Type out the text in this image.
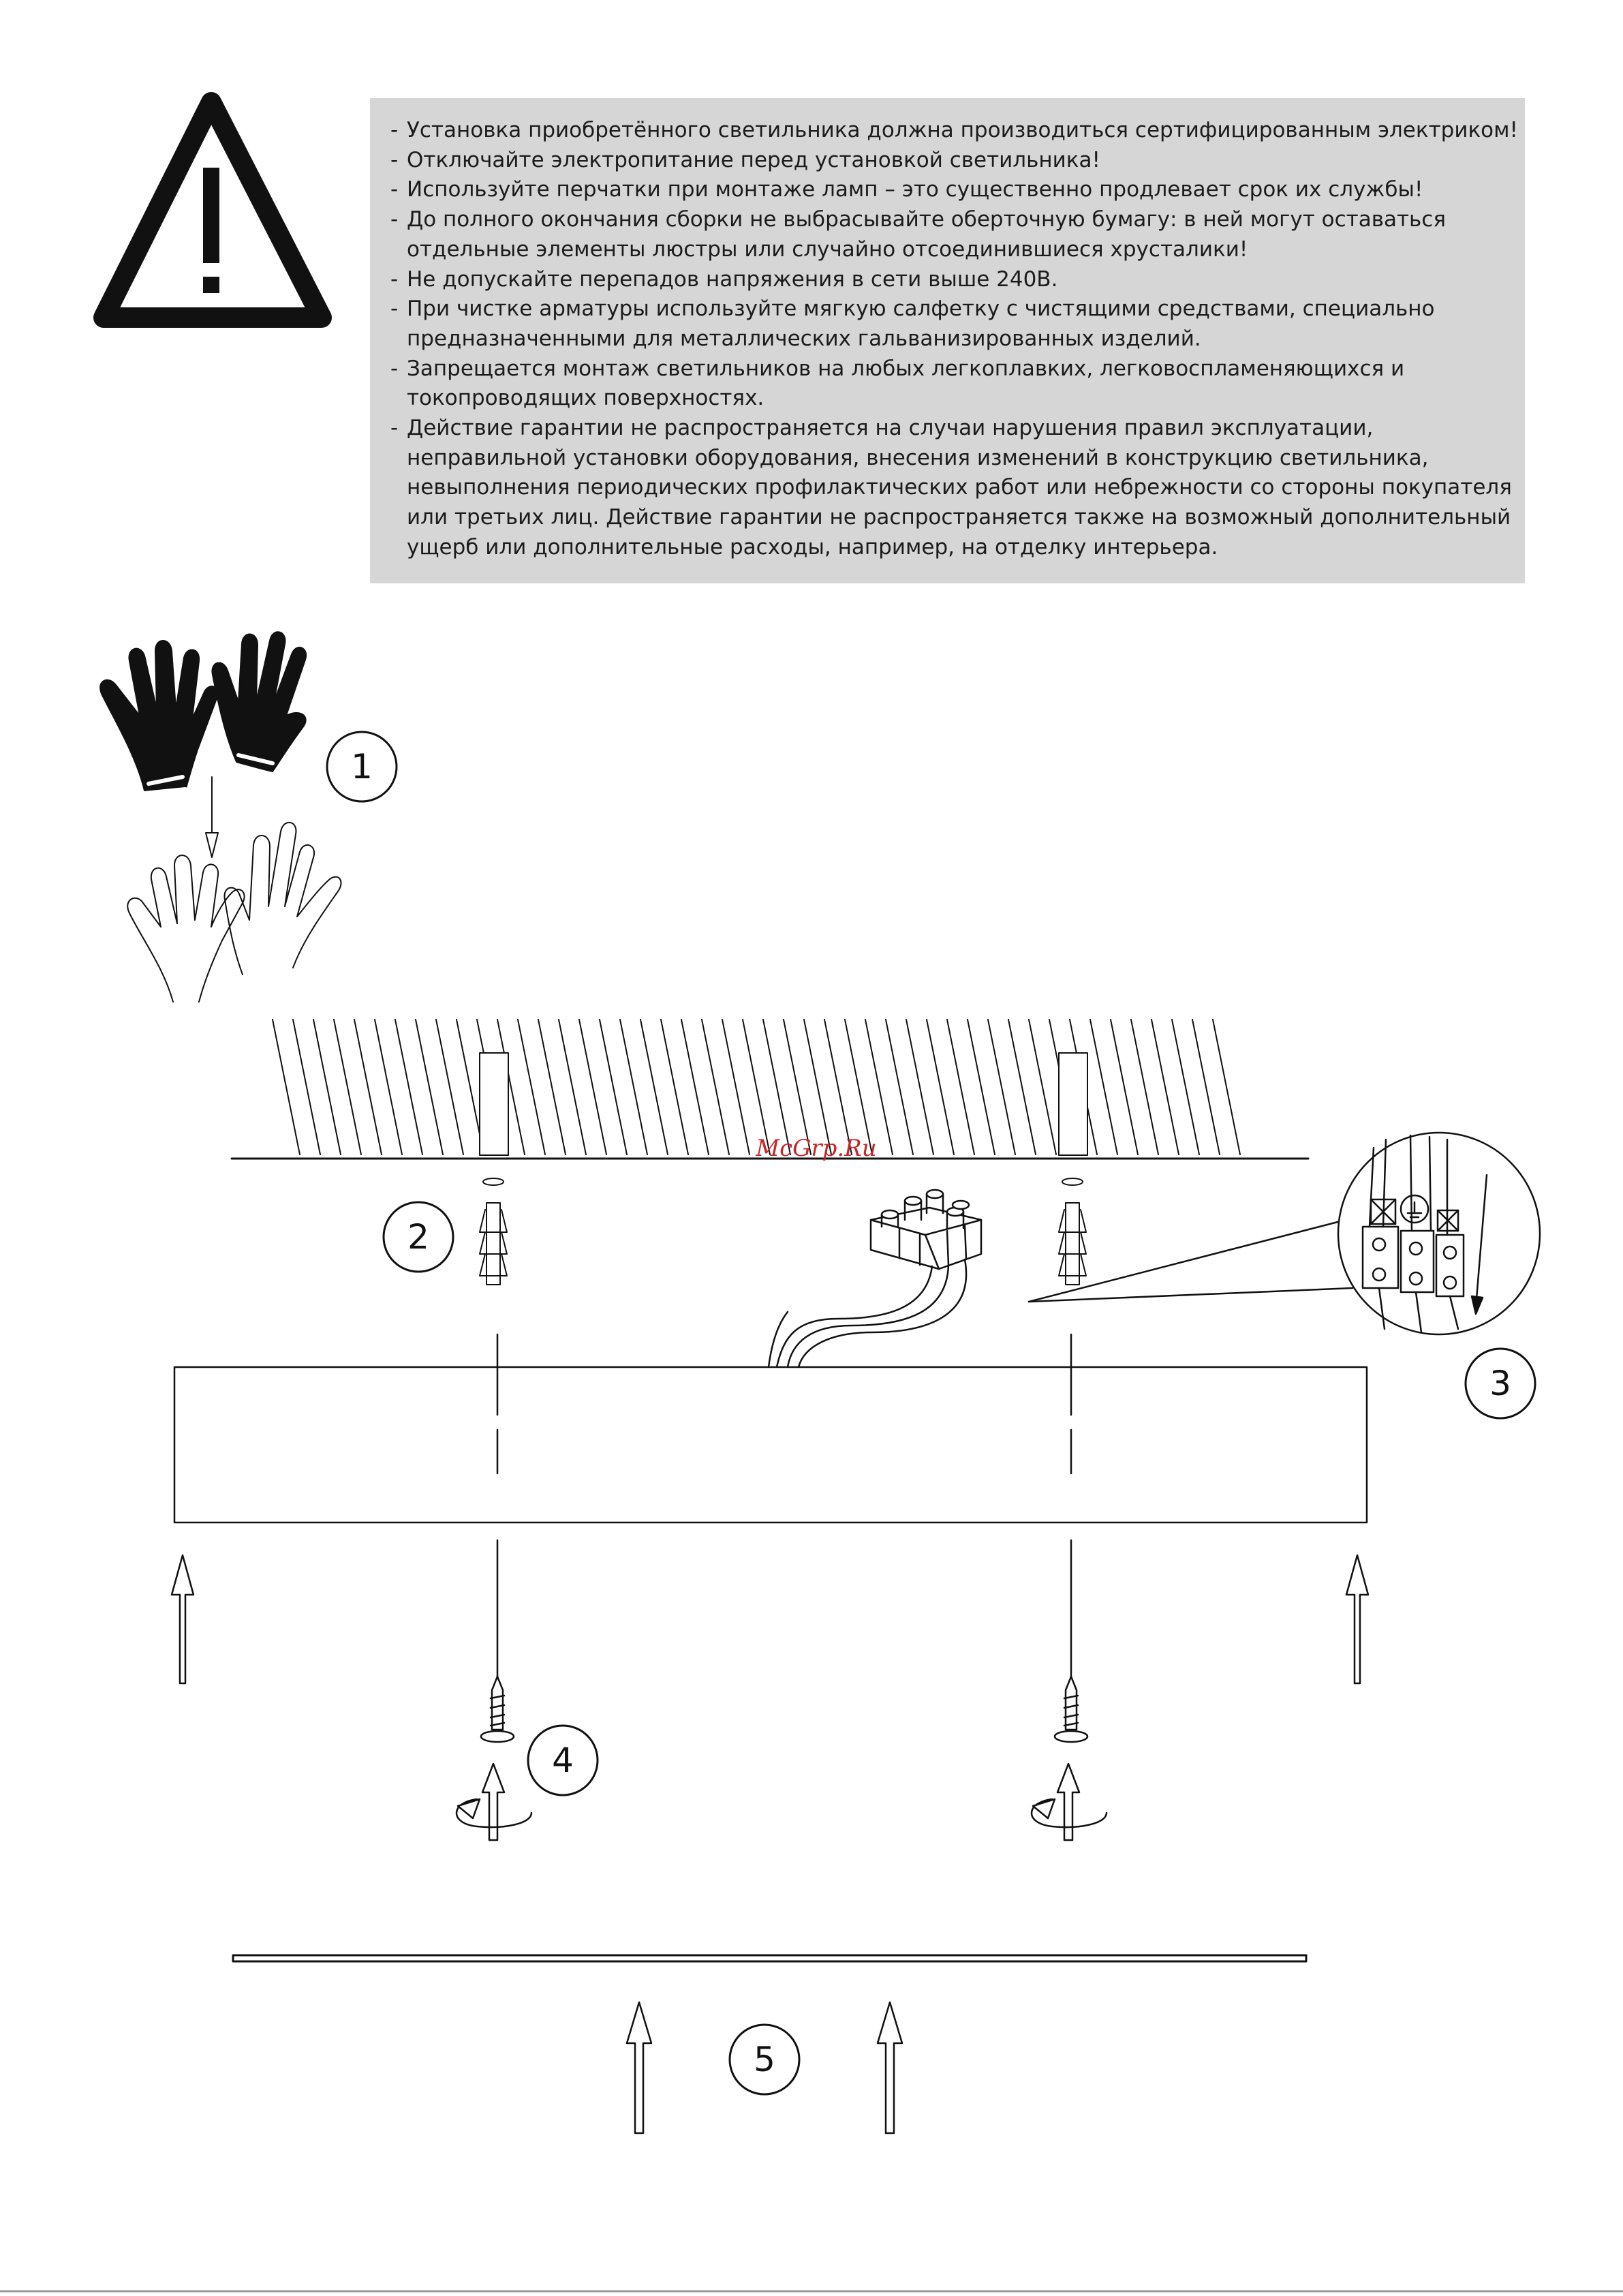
- Установка приобретённого светильника должна производиться сертифицированным электриком!
- Отключайте электропитание перед установкой светильника!
- Используйте перчатки при монтаже ламп – это существенно продлевает срок их службы!
- До полного окончания сборки не выбрасывайте оберточную бумагу: в ней могут оставаться
отдельные элементы люстры или случайно отсоединившиеся хрусталики!
- Не допускайте перепадов напряжения в сети выше 240В.
- При чистке арматуры используйте мягкую салфетку с чистящими средствами, специально
предназначенными для металлических гальванизированных изделий.
- Запрещается монтаж светильников на любых легкоплавких, легковоспламеняющихся и
токопроводящих поверхностях.
- Действие гарантии не распространяется на случаи нарушения правил эксплуатации,
неправильной установки оборудования, внесения изменений в конструкцию светильника,
невыполнения периодических профилактических работ или небрежности со стороны покупателя
или третьих лиц. Действие гарантии не распространяется также на возможный дополнительный
ущерб или дополнительные расходы, например, на отделку интерьера.
1
2
3
4
5
McGrp.Ru
